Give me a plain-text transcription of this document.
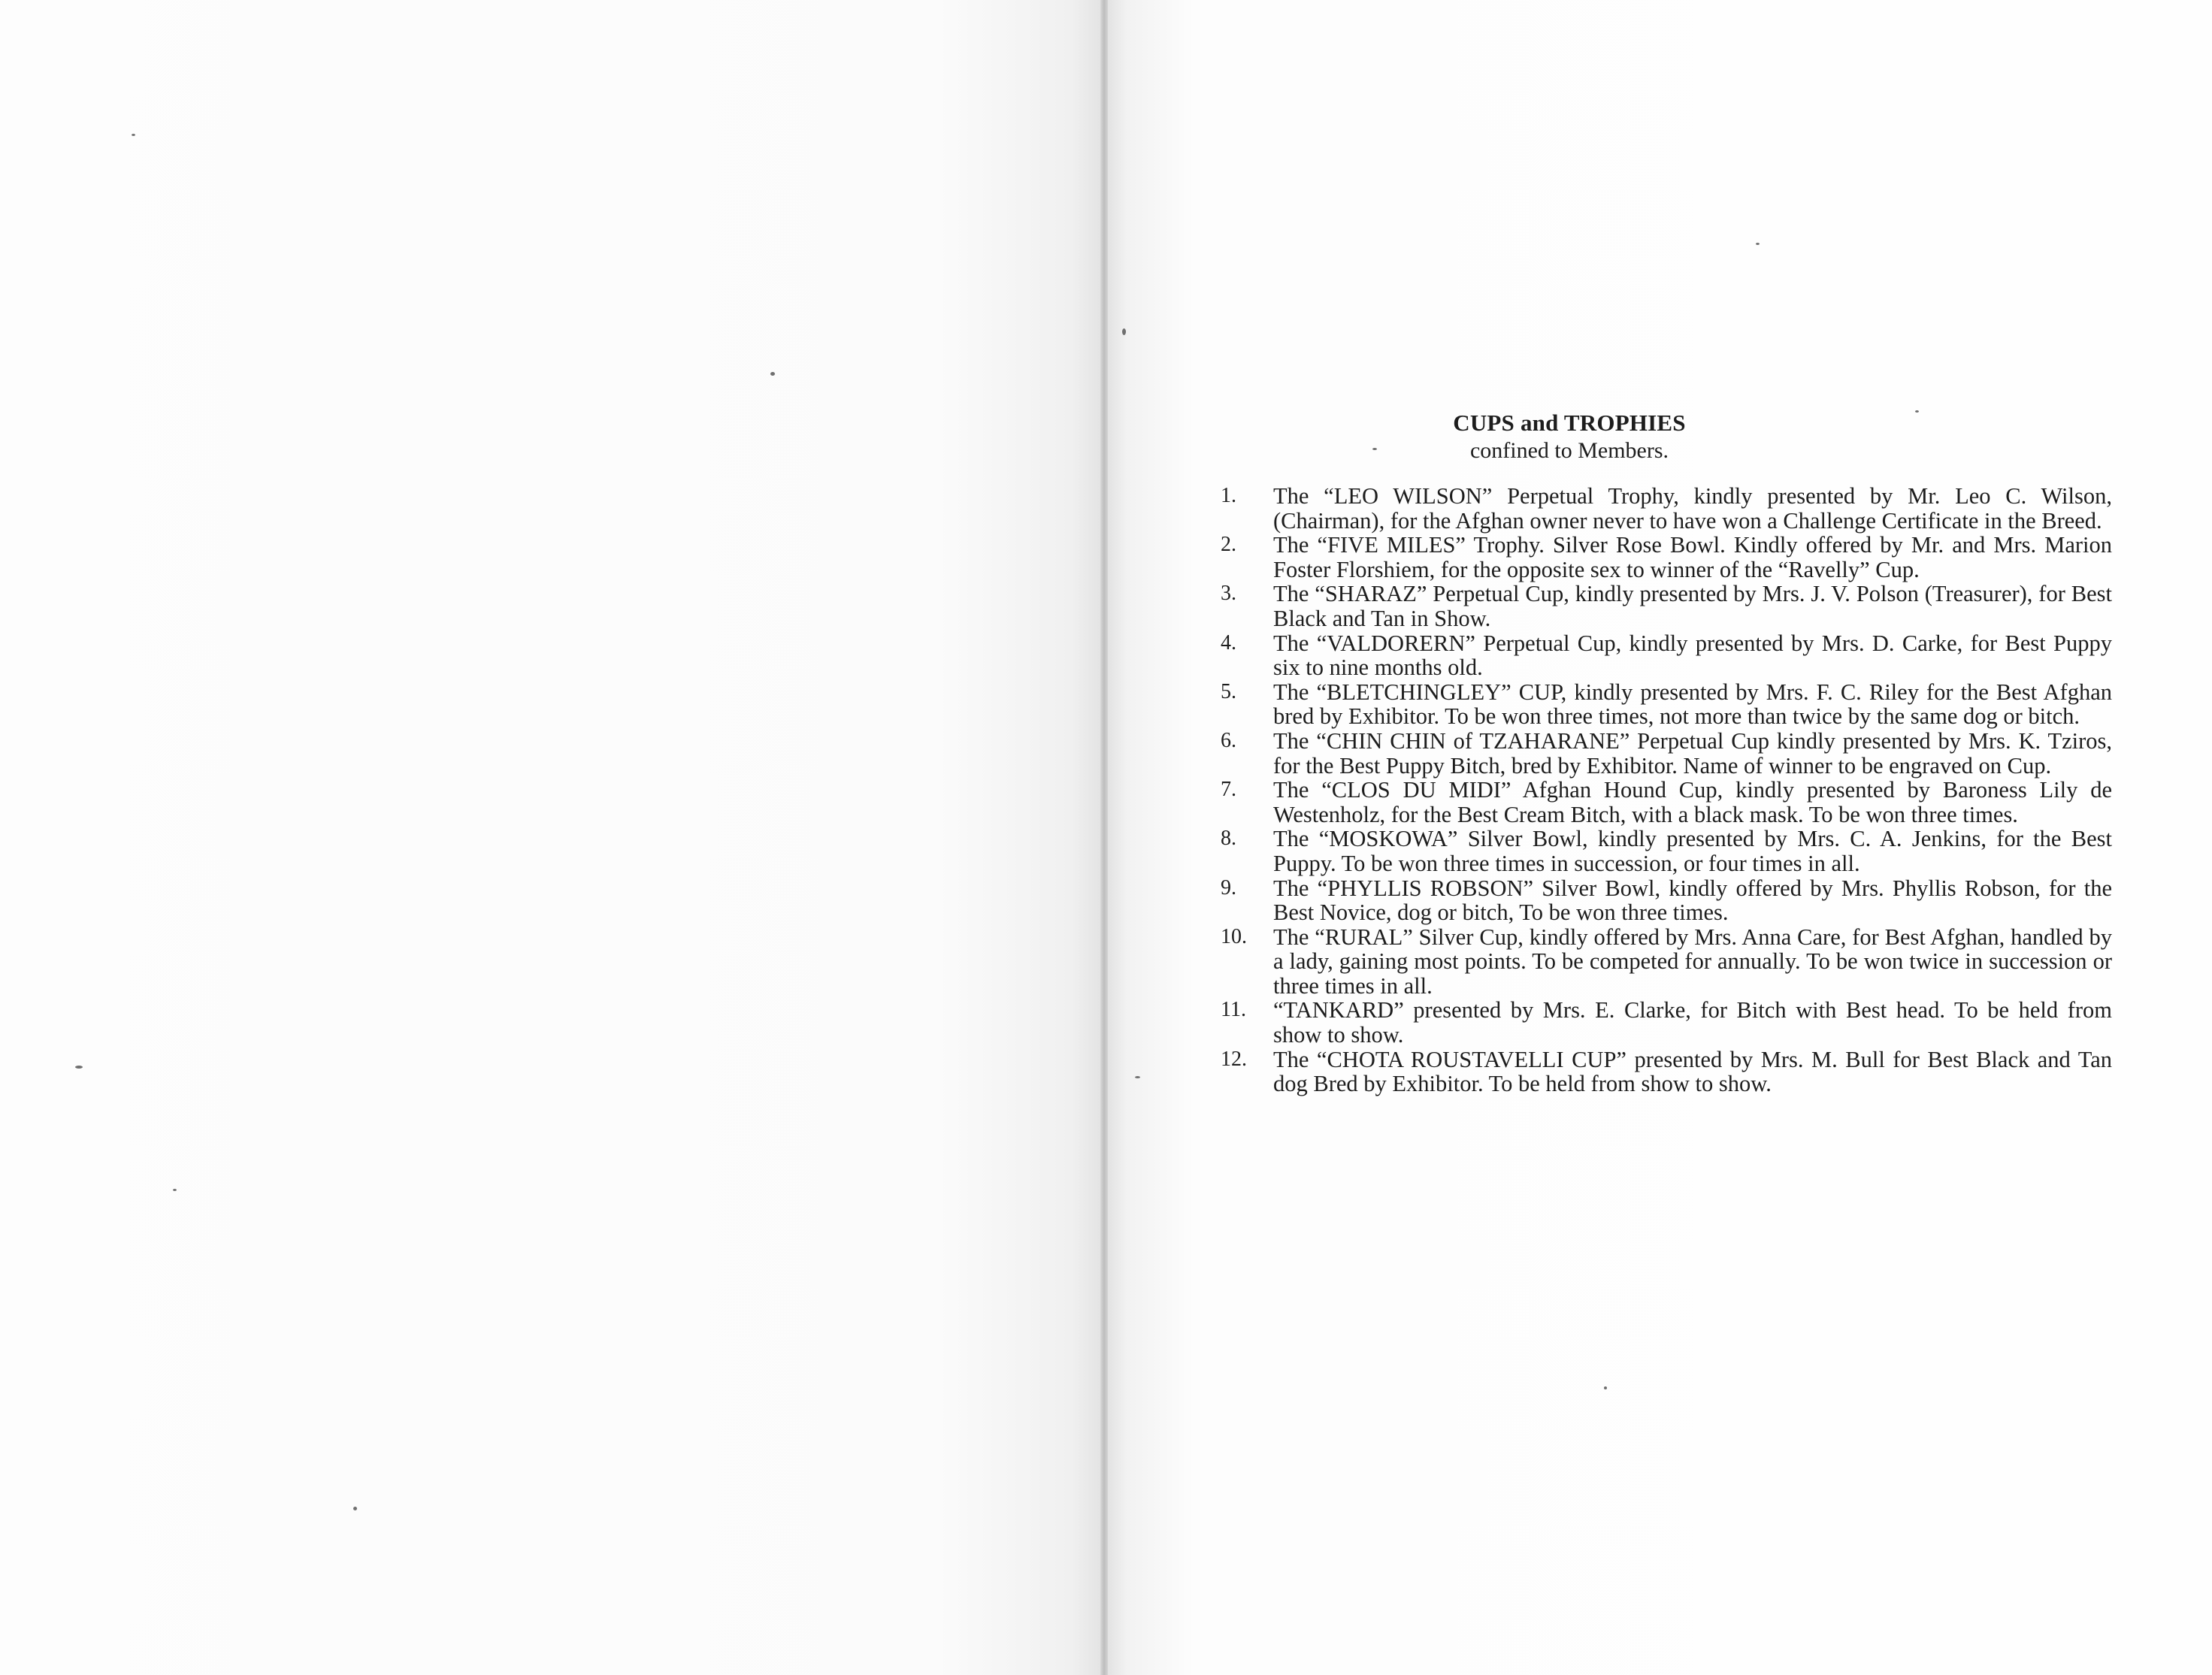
CUPS and TROPHIES
confined to Members.
1.	The “LEO WILSON” Perpetual Trophy, kindly presented by Mr. Leo C. Wilson, (Chairman), for the Afghan owner never to have won a Challenge Certificate in the Breed.
2.	The “FIVE MILES” Trophy. Silver Rose Bowl. Kindly offered by Mr. and Mrs. Marion Foster Florshiem, for the opposite sex to winner of the “Ravelly” Cup.
3.	The “SHARAZ” Perpetual Cup, kindly presented by Mrs. J. V. Polson (Treasurer), for Best Black and Tan in Show.
4.	The “VALDORERN” Perpetual Cup, kindly presented by Mrs. D. Carke, for Best Puppy six to nine months old.
5.	The “BLETCHINGLEY” CUP, kindly presented by Mrs. F. C. Riley for the Best Afghan bred by Exhibitor. To be won three times, not more than twice by the same dog or bitch.
6.	The “CHIN CHIN of TZAHARANE” Perpetual Cup kindly presented by Mrs. K. Tziros, for the Best Puppy Bitch, bred by Exhibitor. Name of winner to be engraved on Cup.
7.	The “CLOS DU MIDI” Afghan Hound Cup, kindly presented by Baroness Lily de Westenholz, for the Best Cream Bitch, with a black mask. To be won three times.
8.	The “MOSKOWA” Silver Bowl, kindly presented by Mrs. C. A. Jenkins, for the Best Puppy. To be won three times in succession, or four times in all.
9.	The “PHYLLIS ROBSON” Silver Bowl, kindly offered by Mrs. Phyllis Robson, for the Best Novice, dog or bitch, To be won three times.
10.	The “RURAL” Silver Cup, kindly offered by Mrs. Anna Care, for Best Afghan, handled by a lady, gaining most points. To be competed for annually. To be won twice in succession or three times in all.
11.	“TANKARD” presented by Mrs. E. Clarke, for Bitch with Best head. To be held from show to show.
12.	The “CHOTA ROUSTAVELLI CUP” presented by Mrs. M. Bull for Best Black and Tan dog Bred by Exhibitor. To be held from show to show.
